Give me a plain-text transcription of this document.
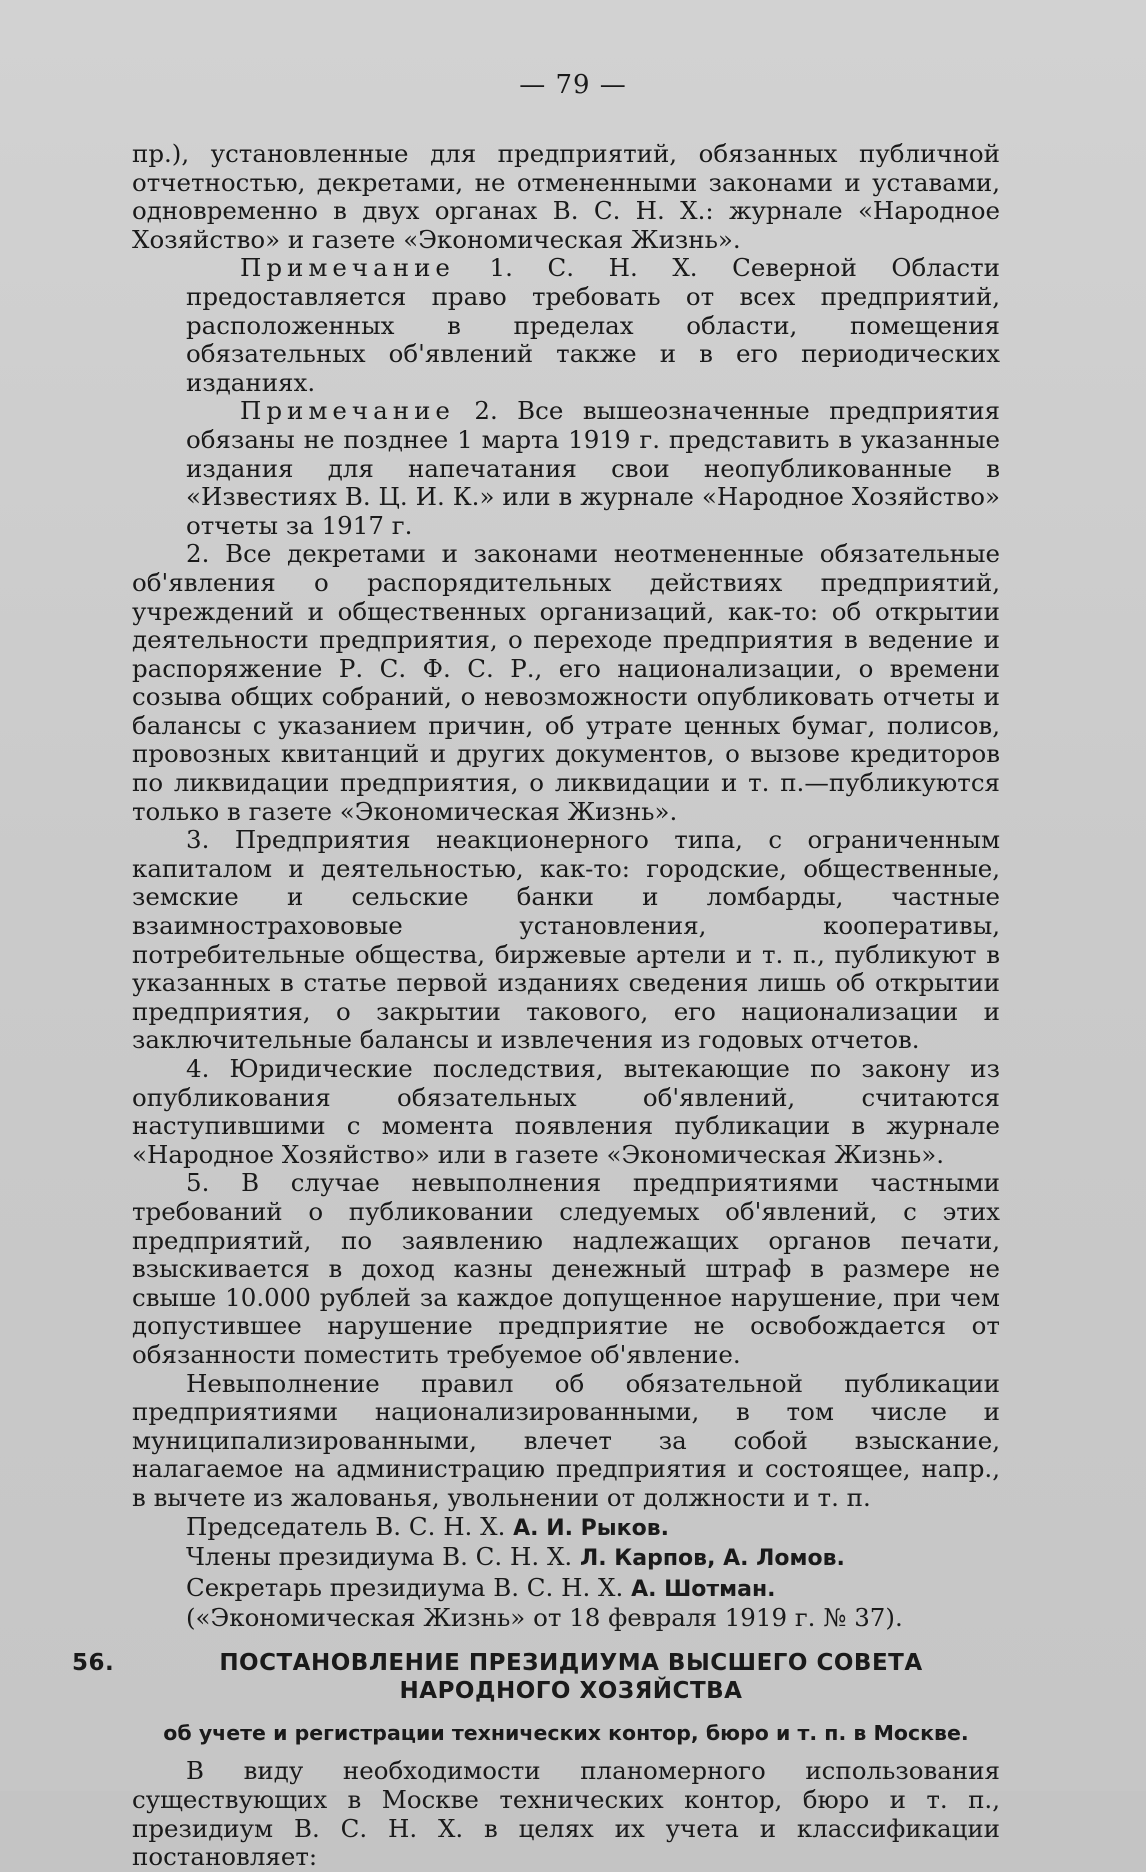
— 79 —

пр.), установленные для предприятий, обязанных публичной отчетностью, декретами, не отмененными законами и уставами, одновременно в двух органах В. С. Н. Х.: журнале «Народное Хозяйство» и газете «Экономическая Жизнь».

Примечание 1. С. Н. Х. Северной Области предоставляется право требовать от всех предприятий, расположенных в пределах области, помещения обязательных об'явлений также и в его периодических изданиях.

Примечание 2. Все вышеозначенные предприятия обязаны не позднее 1 марта 1919 г. представить в указанные издания для напечатания свои неопубликованные в «Известиях В. Ц. И. К.» или в журнале «Народное Хозяйство» отчеты за 1917 г.

2. Все декретами и законами неотмененные обязательные об'явления о распорядительных действиях предприятий, учреждений и общественных организаций, как-то: об открытии деятельности предприятия, о переходе предприятия в ведение и распоряжение Р. С. Ф. С. Р., его национализации, о времени созыва общих собраний, о невозможности опубликовать отчеты и балансы с указанием причин, об утрате ценных бумаг, полисов, провозных квитанций и других документов, о вызове кредиторов по ликвидации предприятия, о ликвидации и т. п.—публикуются только в газете «Экономическая Жизнь».

3. Предприятия неакционерного типа, с ограниченным капиталом и деятельностью, как-то: городские, общественные, земские и сельские банки и ломбарды, частные взаимнострахововые установления, кооперативы, потребительные общества, биржевые артели и т. п., публикуют в указанных в статье первой изданиях сведения лишь об открытии предприятия, о закрытии такового, его национализации и заключительные балансы и извлечения из годовых отчетов.

4. Юридические последствия, вытекающие по закону из опубликования обязательных об'явлений, считаются наступившими с момента появления публикации в журнале «Народное Хозяйство» или в газете «Экономическая Жизнь».

5. В случае невыполнения предприятиями частными требований о публиковании следуемых об'явлений, с этих предприятий, по заявлению надлежащих органов печати, взыскивается в доход казны денежный штраф в размере не свыше 10.000 рублей за каждое допущенное нарушение, при чем допустившее нарушение предприятие не освобождается от обязанности поместить требуемое об'явление.

Невыполнение правил об обязательной публикации предприятиями национализированными, в том числе и муниципализированными, влечет за собой взыскание, налагаемое на администрацию предприятия и состоящее, напр., в вычете из жалованья, увольнении от должности и т. п.

Председатель В. С. Н. Х. А. И. Рыков.

Члены президиума В. С. Н. Х. Л. Карпов, А. Ломов.

Секретарь президиума В. С. Н. Х. А. Шотман.

(«Экономическая Жизнь» от 18 февраля 1919 г. № 37).

56.	ПОСТАНОВЛЕНИЕ ПРЕЗИДИУМА ВЫСШЕГО СОВЕТА НАРОДНОГО ХОЗЯЙСТВА

об учете и регистрации технических контор, бюро и т. п. в Москве.

В виду необходимости планомерного использования существующих в Москве технических контор, бюро и т. п., президиум В. С. Н. Х. в целях их учета и классификации постановляет:
